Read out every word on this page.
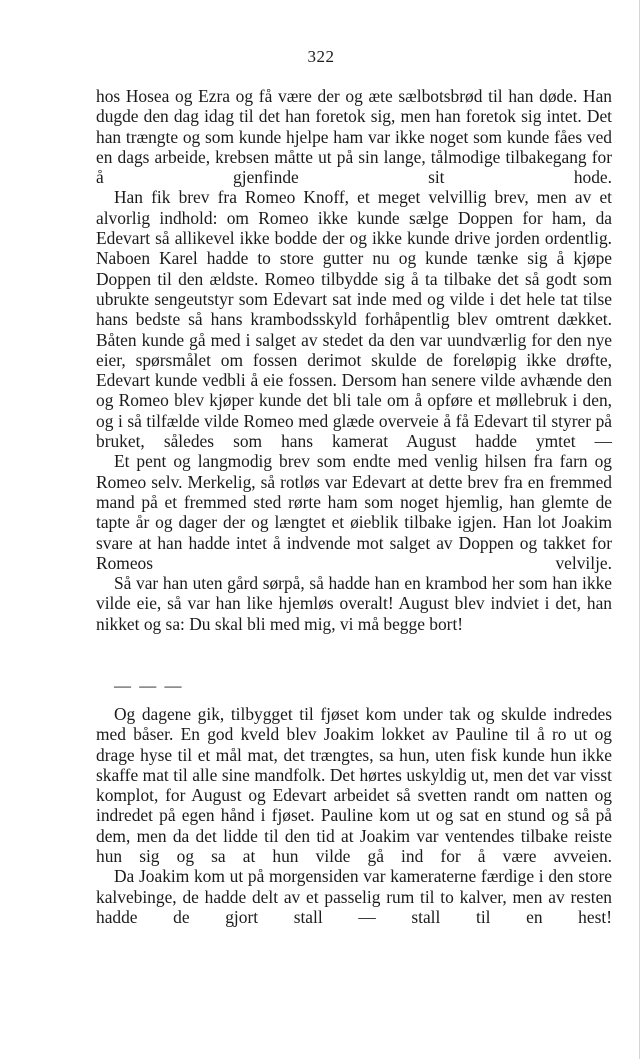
322

hos Hosea og Ezra og få være der og æte sælbotsbrød til han døde. Han dugde den dag idag til det han foretok sig, men han foretok sig intet. Det han trængte og som kunde hjelpe ham var ikke noget som kunde fåes ved en dags arbeide, krebsen måtte ut på sin lange, tålmodige tilbakegang for å gjenfinde sit hode.

Han fik brev fra Romeo Knoff, et meget velvillig brev, men av et alvorlig indhold: om Romeo ikke kunde sælge Doppen for ham, da Edevart så allikevel ikke bodde der og ikke kunde drive jorden ordentlig. Naboen Karel hadde to store gutter nu og kunde tænke sig å kjøpe Doppen til den ældste. Romeo tilbydde sig å ta tilbake det så godt som ubrukte sengeutstyr som Edevart sat inde med og vilde i det hele tat tilse hans bedste så hans krambodsskyld forhåpentlig blev omtrent dækket. Båten kunde gå med i salget av stedet da den var uundværlig for den nye eier, spørsmålet om fossen derimot skulde de foreløpig ikke drøfte, Edevart kunde vedbli å eie fossen. Dersom han senere vilde avhænde den og Romeo blev kjøper kunde det bli tale om å opføre et møllebruk i den, og i så tilfælde vilde Romeo med glæde overveie å få Edevart til styrer på bruket, således som hans kamerat August hadde ymtet —

Et pent og langmodig brev som endte med venlig hilsen fra farn og Romeo selv. Merkelig, så rotløs var Edevart at dette brev fra en fremmed mand på et fremmed sted rørte ham som noget hjemlig, han glemte de tapte år og dager der og længtet et øieblik tilbake igjen. Han lot Joakim svare at han hadde intet å indvende mot salget av Doppen og takket for Romeos velvilje.

Så var han uten gård sørpå, så hadde han en krambod her som han ikke vilde eie, så var han like hjemløs overalt! August blev indviet i det, han nikket og sa: Du skal bli med mig, vi må begge bort!

— — —

Og dagene gik, tilbygget til fjøset kom under tak og skulde indredes med båser. En god kveld blev Joakim lokket av Pauline til å ro ut og drage hyse til et mål mat, det trængtes, sa hun, uten fisk kunde hun ikke skaffe mat til alle sine mandfolk. Det hørtes uskyldig ut, men det var visst komplot, for August og Edevart arbeidet så svetten randt om natten og indredet på egen hånd i fjøset. Pauline kom ut og sat en stund og så på dem, men da det lidde til den tid at Joakim var ventendes tilbake reiste hun sig og sa at hun vilde gå ind for å være avveien.

Da Joakim kom ut på morgensiden var kameraterne færdige i den store kalvebinge, de hadde delt av et passelig rum til to kalver, men av resten hadde de gjort stall — stall til en hest!
